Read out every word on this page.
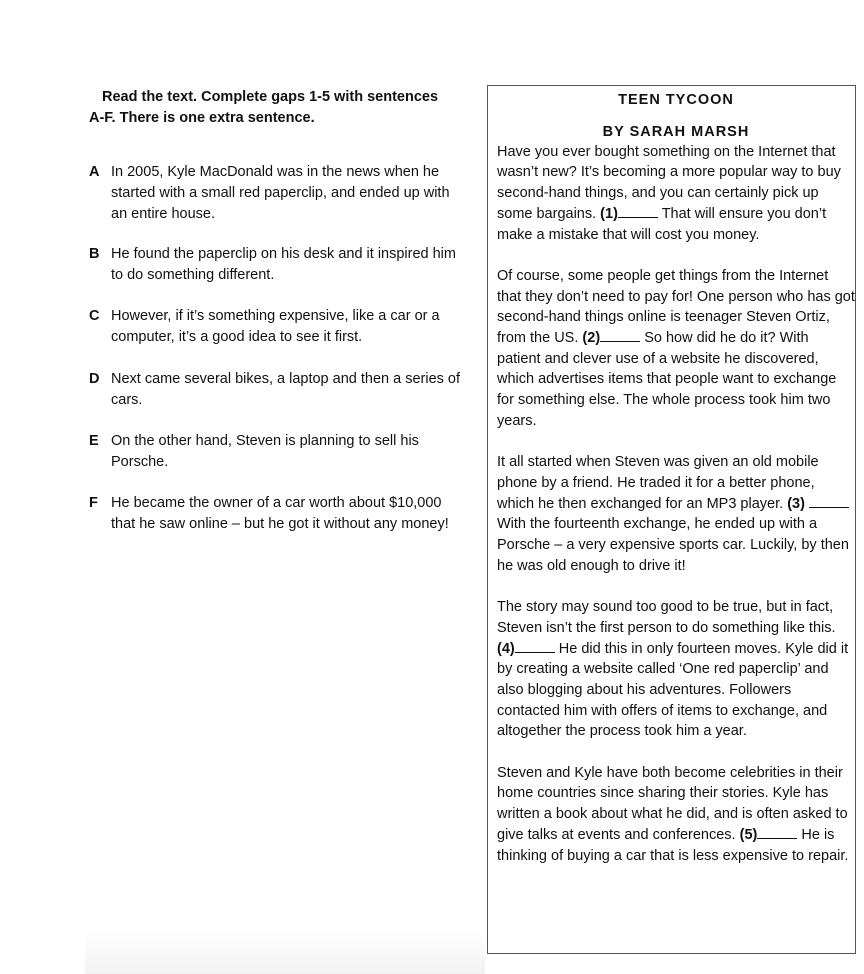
Read the text. Complete gaps 1-5 with sentences
A-F. There is one extra sentence.
A In 2005, Kyle MacDonald was in the news when he started with a small red paperclip, and ended up with an entire house.
B He found the paperclip on his desk and it inspired him to do something different.
C However, if it’s something expensive, like a car or a computer, it’s a good idea to see it first.
D Next came several bikes, a laptop and then a series of cars.
E On the other hand, Steven is planning to sell his Porsche.
F He became the owner of a car worth about $10,000 that he saw online – but he got it without any money!
TEEN TYCOON
BY SARAH MARSH

Have you ever bought something on the Internet that wasn’t new? It’s becoming a more popular way to buy second-hand things, and you can certainly pick up some bargains. (1)	That will ensure you don’t make a mistake that will cost you money.

Of course, some people get things from the Internet that they don’t need to pay for! One person who has got second-hand things online is teenager Steven Ortiz, from the US. (2)	So how did he do it? With patient and clever use of a website he discovered, which advertises items that people want to exchange for something else. The whole process took him two years.

It all started when Steven was given an old mobile phone by a friend. He traded it for a better phone, which he then exchanged for an MP3 player. (3)  With the fourteenth exchange, he ended up with a Porsche – a very expensive sports car. Luckily, by then he was old enough to drive it!

The story may sound too good to be true, but in fact, Steven isn’t the first person to do something like this. (4)	He did this in only fourteen moves. Kyle did it by creating a website called ‘One red paperclip’ and also blogging about his adventures. Followers contacted him with offers of items to exchange, and altogether the process took him a year.

Steven and Kyle have both become celebrities in their home countries since sharing their stories. Kyle has written a book about what he did, and is often asked to give talks at events and conferences. (5)	He is thinking of buying a car that is less expensive to repair.
